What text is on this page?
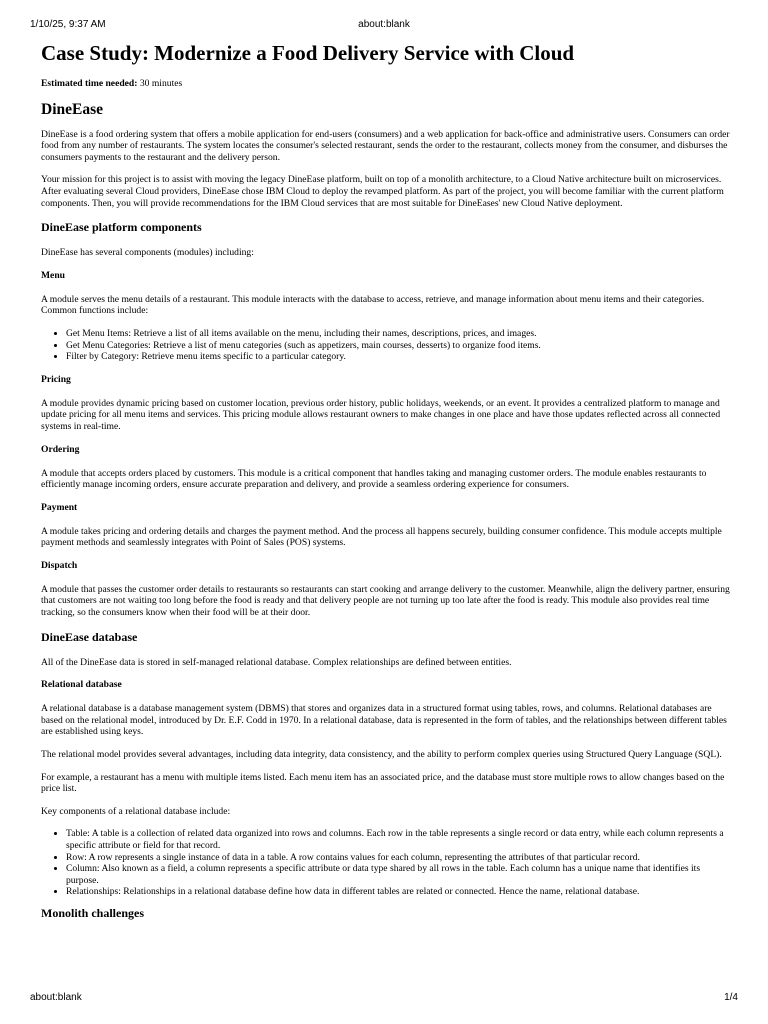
1/10/25, 9:37 AM	about:blank
Case Study: Modernize a Food Delivery Service with Cloud

Estimated time needed: 30 minutes

DineEase

DineEase is a food ordering system that offers a mobile application for end-users (consumers) and a web application for back-office and administrative users. Consumers can order food from any number of restaurants. The system locates the consumer's selected restaurant, sends the order to the restaurant, collects money from the consumer, and disburses the consumers payments to the restaurant and the delivery person.

Your mission for this project is to assist with moving the legacy DineEase platform, built on top of a monolith architecture, to a Cloud Native architecture built on microservices. After evaluating several Cloud providers, DineEase chose IBM Cloud to deploy the revamped platform. As part of the project, you will become familiar with the current platform components. Then, you will provide recommendations for the IBM Cloud services that are most suitable for DineEases' new Cloud Native deployment.

DineEase platform components

DineEase has several components (modules) including:

Menu

A module serves the menu details of a restaurant. This module interacts with the database to access, retrieve, and manage information about menu items and their categories. Common functions include:

• Get Menu Items: Retrieve a list of all items available on the menu, including their names, descriptions, prices, and images.
• Get Menu Categories: Retrieve a list of menu categories (such as appetizers, main courses, desserts) to organize food items.
• Filter by Category: Retrieve menu items specific to a particular category.
Pricing

A module provides dynamic pricing based on customer location, previous order history, public holidays, weekends, or an event. It provides a centralized platform to manage and update pricing for all menu items and services. This pricing module allows restaurant owners to make changes in one place and have those updates reflected across all connected systems in real-time.

Ordering

A module that accepts orders placed by customers. This module is a critical component that handles taking and managing customer orders. The module enables restaurants to efficiently manage incoming orders, ensure accurate preparation and delivery, and provide a seamless ordering experience for consumers.

Payment

A module takes pricing and ordering details and charges the payment method. And the process all happens securely, building consumer confidence. This module accepts multiple payment methods and seamlessly integrates with Point of Sales (POS) systems.

Dispatch

A module that passes the customer order details to restaurants so restaurants can start cooking and arrange delivery to the customer. Meanwhile, align the delivery partner, ensuring that customers are not waiting too long before the food is ready and that delivery people are not turning up too late after the food is ready. This module also provides real time tracking, so the consumers know when their food will be at their door.

DineEase database

All of the DineEase data is stored in self-managed relational database. Complex relationships are defined between entities.

Relational database

A relational database is a database management system (DBMS) that stores and organizes data in a structured format using tables, rows, and columns. Relational databases are based on the relational model, introduced by Dr. E.F. Codd in 1970. In a relational database, data is represented in the form of tables, and the relationships between different tables are established using keys.

The relational model provides several advantages, including data integrity, data consistency, and the ability to perform complex queries using Structured Query Language (SQL).

For example, a restaurant has a menu with multiple items listed. Each menu item has an associated price, and the database must store multiple rows to allow changes based on the price list.

Key components of a relational database include:

• Table: A table is a collection of related data organized into rows and columns. Each row in the table represents a single record or data entry, while each column represents a specific attribute or field for that record.
• Row: A row represents a single instance of data in a table. A row contains values for each column, representing the attributes of that particular record.
• Column: Also known as a field, a column represents a specific attribute or data type shared by all rows in the table. Each column has a unique name that identifies its purpose.
• Relationships: Relationships in a relational database define how data in different tables are related or connected. Hence the name, relational database.
Monolith challenges
about:blank	1/4
